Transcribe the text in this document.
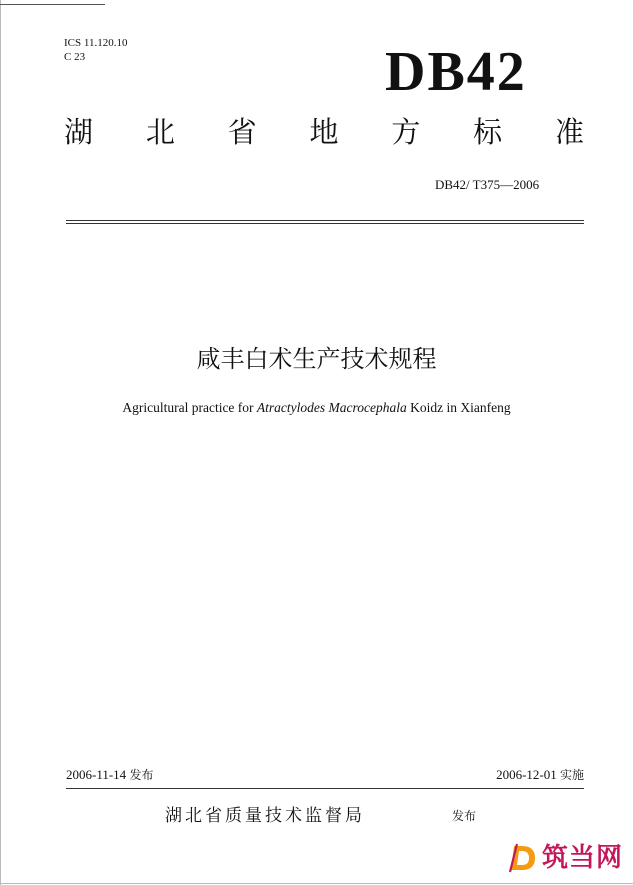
ICS 11.120.10
C 23	DB42
湖 北 省 地 方 标 准
DB42/ T375—2006
咸丰白术生产技术规程
Agricultural practice for Atractylodes Macrocephala Koidz in Xianfeng
2006-11-14 发布	2006-12-01 实施
湖北省质量技术监督局	发布
筑当网
